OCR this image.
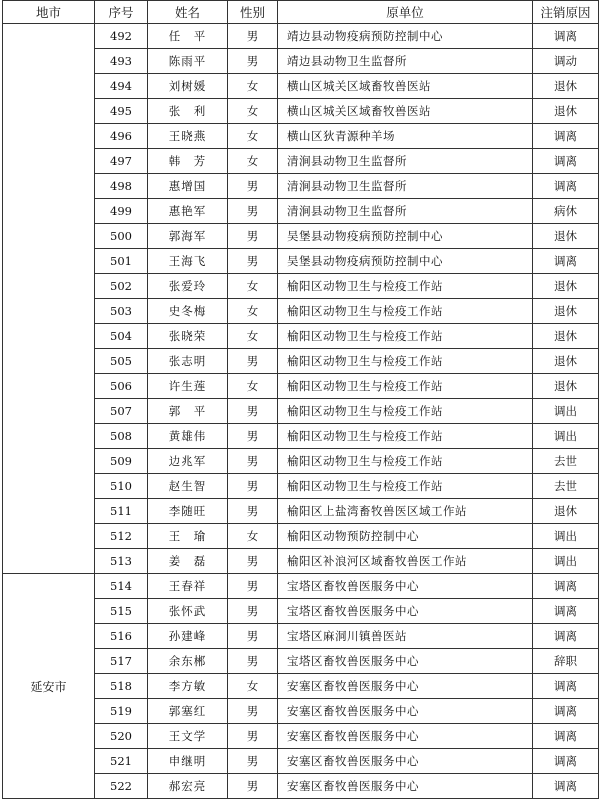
地市	序号	姓名	性别	原单位	注销原因
	492	任　平	男	靖边县动物疫病预防控制中心	调离
	493	陈雨平	男	靖边县动物卫生监督所	调动
	494	刘树媛	女	横山区城关区域畜牧兽医站	退休
	495	张　利	女	横山区城关区域畜牧兽医站	退休
	496	王晓燕	女	横山区狄青源种羊场	调离
	497	韩　芳	女	清涧县动物卫生监督所	调离
	498	惠增国	男	清涧县动物卫生监督所	调离
	499	惠艳军	男	清涧县动物卫生监督所	病休
	500	郭海军	男	吴堡县动物疫病预防控制中心	退休
	501	王海飞	男	吴堡县动物疫病预防控制中心	调离
	502	张爱玲	女	榆阳区动物卫生与检疫工作站	退休
	503	史冬梅	女	榆阳区动物卫生与检疫工作站	退休
	504	张晓荣	女	榆阳区动物卫生与检疫工作站	退休
	505	张志明	男	榆阳区动物卫生与检疫工作站	退休
	506	许生莲	女	榆阳区动物卫生与检疫工作站	退休
	507	郭　平	男	榆阳区动物卫生与检疫工作站	调出
	508	黄雄伟	男	榆阳区动物卫生与检疫工作站	调出
	509	边兆军	男	榆阳区动物卫生与检疫工作站	去世
	510	赵生智	男	榆阳区动物卫生与检疫工作站	去世
	511	李随旺	男	榆阳区上盐湾畜牧兽医区域工作站	退休
	512	王　瑜	女	榆阳区动物预防控制中心	调出
	513	姜　磊	男	榆阳区补浪河区域畜牧兽医工作站	调出
延安市	514	王春祥	男	宝塔区畜牧兽医服务中心	调离
	515	张怀武	男	宝塔区畜牧兽医服务中心	调离
	516	孙建峰	男	宝塔区麻洞川镇兽医站	调离
	517	余东郴	男	宝塔区畜牧兽医服务中心	辞职
	518	李方敏	女	安塞区畜牧兽医服务中心	调离
	519	郭塞红	男	安塞区畜牧兽医服务中心	调离
	520	王文学	男	安塞区畜牧兽医服务中心	调离
	521	申继明	男	安塞区畜牧兽医服务中心	调离
	522	郝宏亮	男	安塞区畜牧兽医服务中心	调离
